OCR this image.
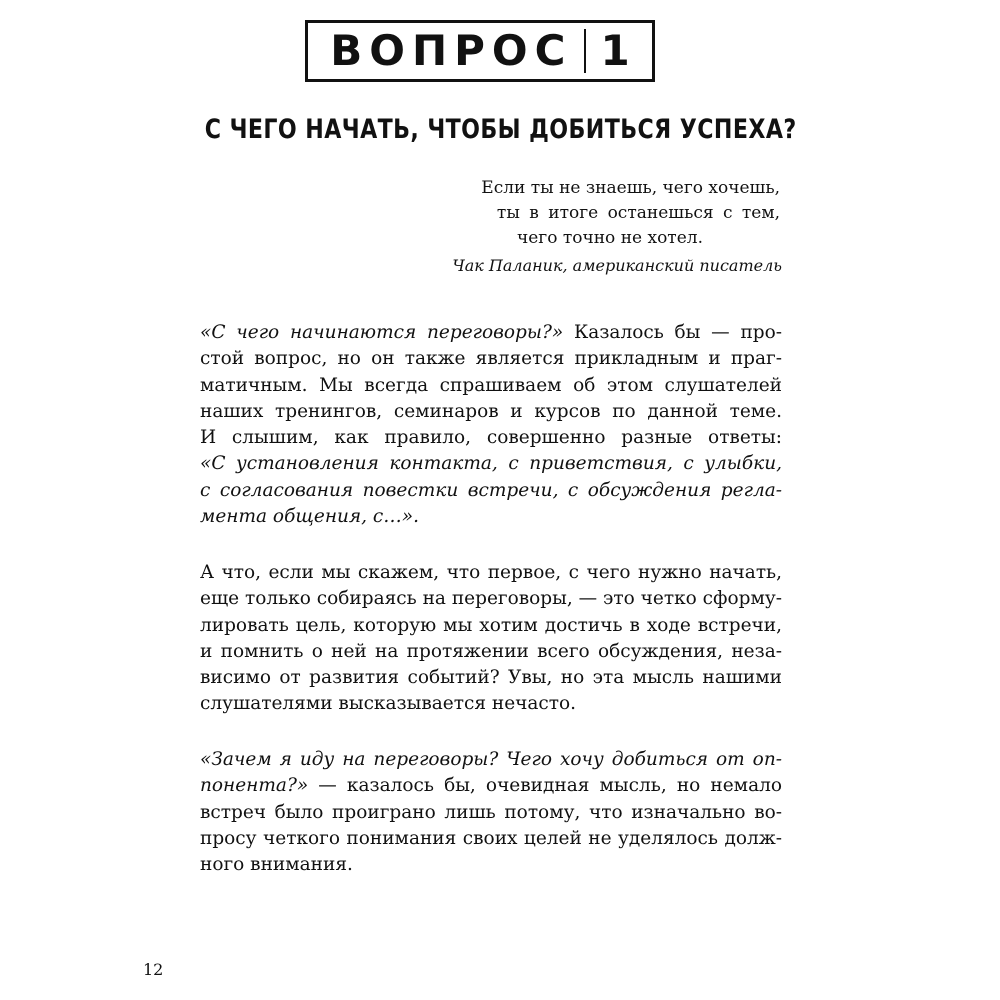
ВОПРОС 1
С ЧЕГО НАЧАТЬ, ЧТОБЫ ДОБИТЬСЯ УСПЕХА?
Если ты не знаешь, чего хочешь,
ты в итоге останешься с тем,
чего точно не хотел.
Чак Паланик, американский писатель
«С чего начинаются переговоры?» Казалось бы — про-
стой вопрос, но он также является прикладным и праг-
матичным. Мы всегда спрашиваем об этом слушателей
наших тренингов, семинаров и курсов по данной теме.
И слышим, как правило, совершенно разные ответы:
«С установления контакта, с приветствия, с улыбки,
с согласования повестки встречи, с обсуждения регла-
мента общения, с…».
А что, если мы скажем, что первое, с чего нужно начать,
еще только собираясь на переговоры, — это четко сформу-
лировать цель, которую мы хотим достичь в ходе встречи,
и помнить о ней на протяжении всего обсуждения, неза-
висимо от развития событий? Увы, но эта мысль нашими
слушателями высказывается нечасто.
«Зачем я иду на переговоры? Чего хочу добиться от оп-
понента?» — казалось бы, очевидная мысль, но немало
встреч было проиграно лишь потому, что изначально во-
просу четкого понимания своих целей не уделялось долж-
ного внимания.
12
